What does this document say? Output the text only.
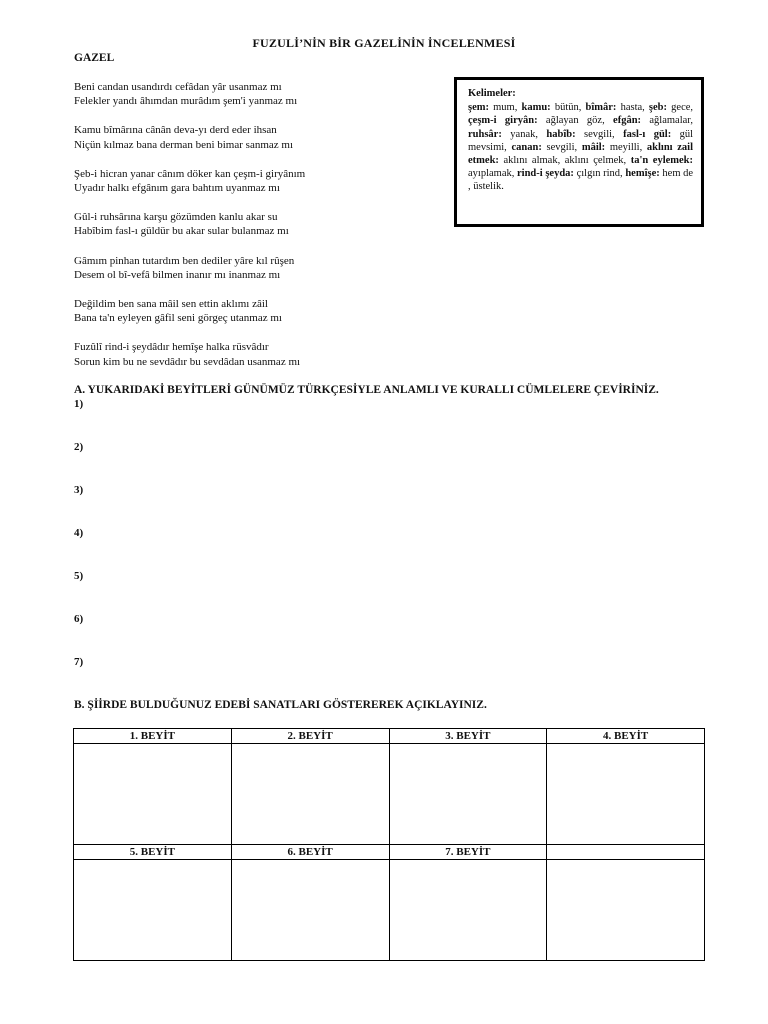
FUZULİ’NİN BİR GAZELİNİN İNCELENMESİ
GAZEL
Beni candan usandırdı cefâdan yâr usanmaz mı
Felekler yandı âhımdan murâdım şem'i yanmaz mı
Kamu bîmârına cânân deva-yı derd eder ihsan
Niçün kılmaz bana derman beni bimar sanmaz mı
Şeb-i hicran yanar cânım döker kan çeşm-i giryânım
Uyadır halkı efgânım gara bahtım uyanmaz mı
Gûl-i ruhsârına karşu gözümden kanlu akar su
Habîbim fasl-ı güldür bu akar sular bulanmaz mı
Gâmım pinhan tutardım ben dediler yâre kıl rûşen
Desem ol bî-vefâ bilmen inanır mı inanmaz mı
Değildim ben sana mâil sen ettin aklımı zâil
Bana ta'n eyleyen gâfil seni görgeç utanmaz mı
Fuzûlî rind-i şeydâdır hemîşe halka rüsvâdır
Sorun kim bu ne sevdâdır bu sevdâdan usanmaz mı
Kelimeler:
şem: mum, kamu: bütün, bîmâr: hasta, şeb: gece, çeşm-i giryân: ağlayan göz, efgân: ağlamalar, ruhsâr: yanak, habîb: sevgili, fasl-ı gül: gül mevsimi, canan: sevgili, mâil: meyilli, aklını zail etmek: aklını almak, aklını çelmek, ta'n eylemek: ayıplamak, rind-i şeyda: çılgın rind, hemîşe: hem de , üstelik.
A. YUKARIDAKİ BEYİTLERİ GÜNÜMÜZ TÜRKÇESİYLE ANLAMLI VE KURALLI CÜMLELERE ÇEVİRİNİZ.
1)
2)
3)
4)
5)
6)
7)
B. ŞİİRDE BULDUĞUNUZ EDEBİ SANATLARI GÖSTEREREK AÇIKLAYINIZ.
1. BEYİT	2. BEYİT	3. BEYİT	4. BEYİT

5. BEYİT	6. BEYİT	7. BEYİT	
